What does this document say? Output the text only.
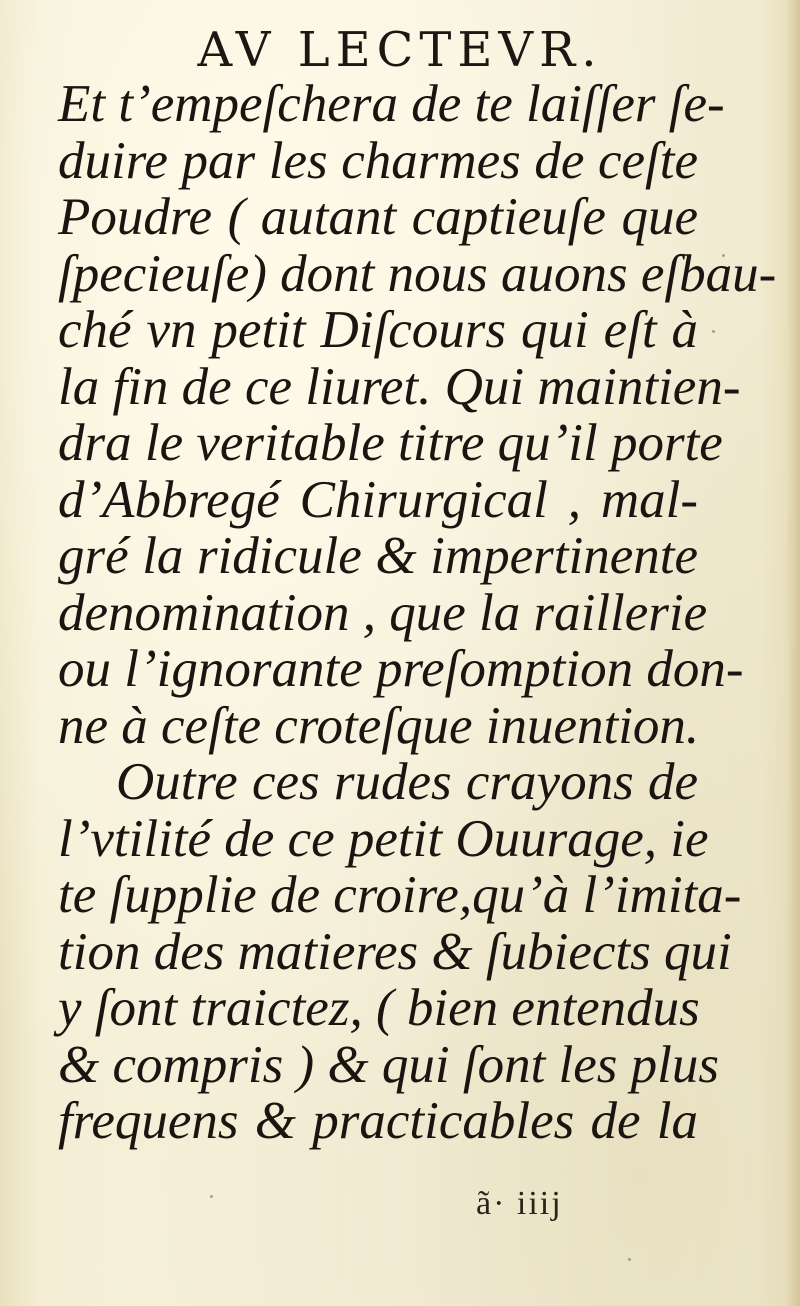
AV LECTEVR.
Et t’empeſchera de te laiſſer ſe-
duire par les charmes de ceſte
Poudre ( autant captieuſe que
ſpecieuſe) dont nous auons eſbau-
ché vn petit Diſcours qui eſt à
la fin de ce liuret. Qui maintien-
dra le veritable titre qu’il porte
d’Abbregé Chirurgical , mal-
gré la ridicule & impertinente
denomination , que la raillerie
ou l’ignorante preſomption don-
ne à ceſte croteſque inuention.
Outre ces rudes crayons de
l’vtilité de ce petit Ouurage, ie
te ſupplie de croire,qu’à l’imita-
tion des matieres & ſubiects qui
y ſont traictez, ( bien entendus
& compris ) & qui ſont les plus
frequens & practicables de la
ã· iiij
